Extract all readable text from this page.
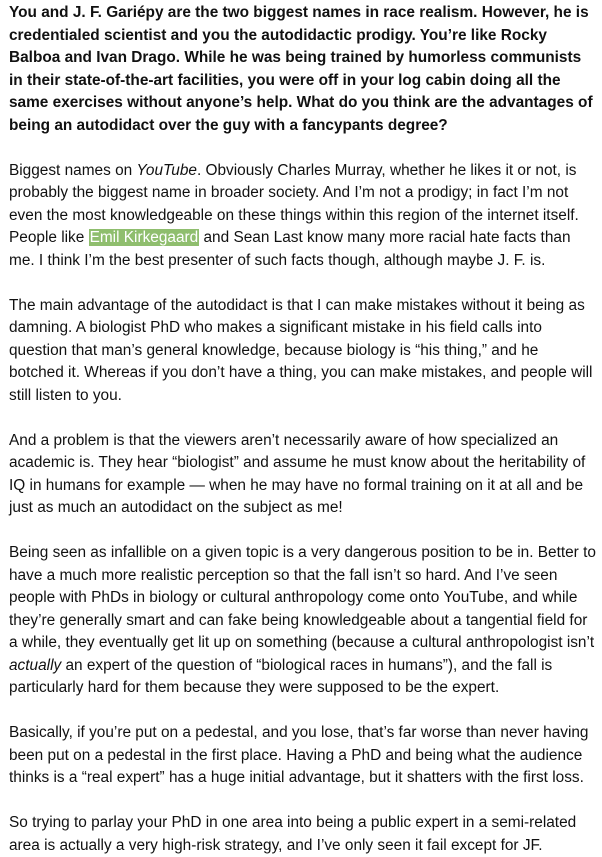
You and J. F. Gariépy are the two biggest names in race realism. However, he is credentialed scientist and you the autodidactic prodigy. You’re like Rocky Balboa and Ivan Drago. While he was being trained by humorless communists in their state-of-the-art facilities, you were off in your log cabin doing all the same exercises without anyone’s help. What do you think are the advantages of being an autodidact over the guy with a fancypants degree?

Biggest names on YouTube. Obviously Charles Murray, whether he likes it or not, is probably the biggest name in broader society. And I’m not a prodigy; in fact I’m not even the most knowledgeable on these things within this region of the internet itself. People like Emil Kirkegaard and Sean Last know many more racial hate facts than me. I think I’m the best presenter of such facts though, although maybe J. F. is.

The main advantage of the autodidact is that I can make mistakes without it being as damning. A biologist PhD who makes a significant mistake in his field calls into question that man’s general knowledge, because biology is “his thing,” and he botched it. Whereas if you don’t have a thing, you can make mistakes, and people will still listen to you.

And a problem is that the viewers aren’t necessarily aware of how specialized an academic is. They hear “biologist” and assume he must know about the heritability of IQ in humans for example — when he may have no formal training on it at all and be just as much an autodidact on the subject as me!

Being seen as infallible on a given topic is a very dangerous position to be in. Better to have a much more realistic perception so that the fall isn’t so hard. And I’ve seen people with PhDs in biology or cultural anthropology come onto YouTube, and while they’re generally smart and can fake being knowledgeable about a tangential field for a while, they eventually get lit up on something (because a cultural anthropologist isn’t actually an expert of the question of “biological races in humans”), and the fall is particularly hard for them because they were supposed to be the expert.

Basically, if you’re put on a pedestal, and you lose, that’s far worse than never having been put on a pedestal in the first place. Having a PhD and being what the audience thinks is a “real expert” has a huge initial advantage, but it shatters with the first loss.

So trying to parlay your PhD in one area into being a public expert in a semi-related area is actually a very high-risk strategy, and I’ve only seen it fail except for JF.
